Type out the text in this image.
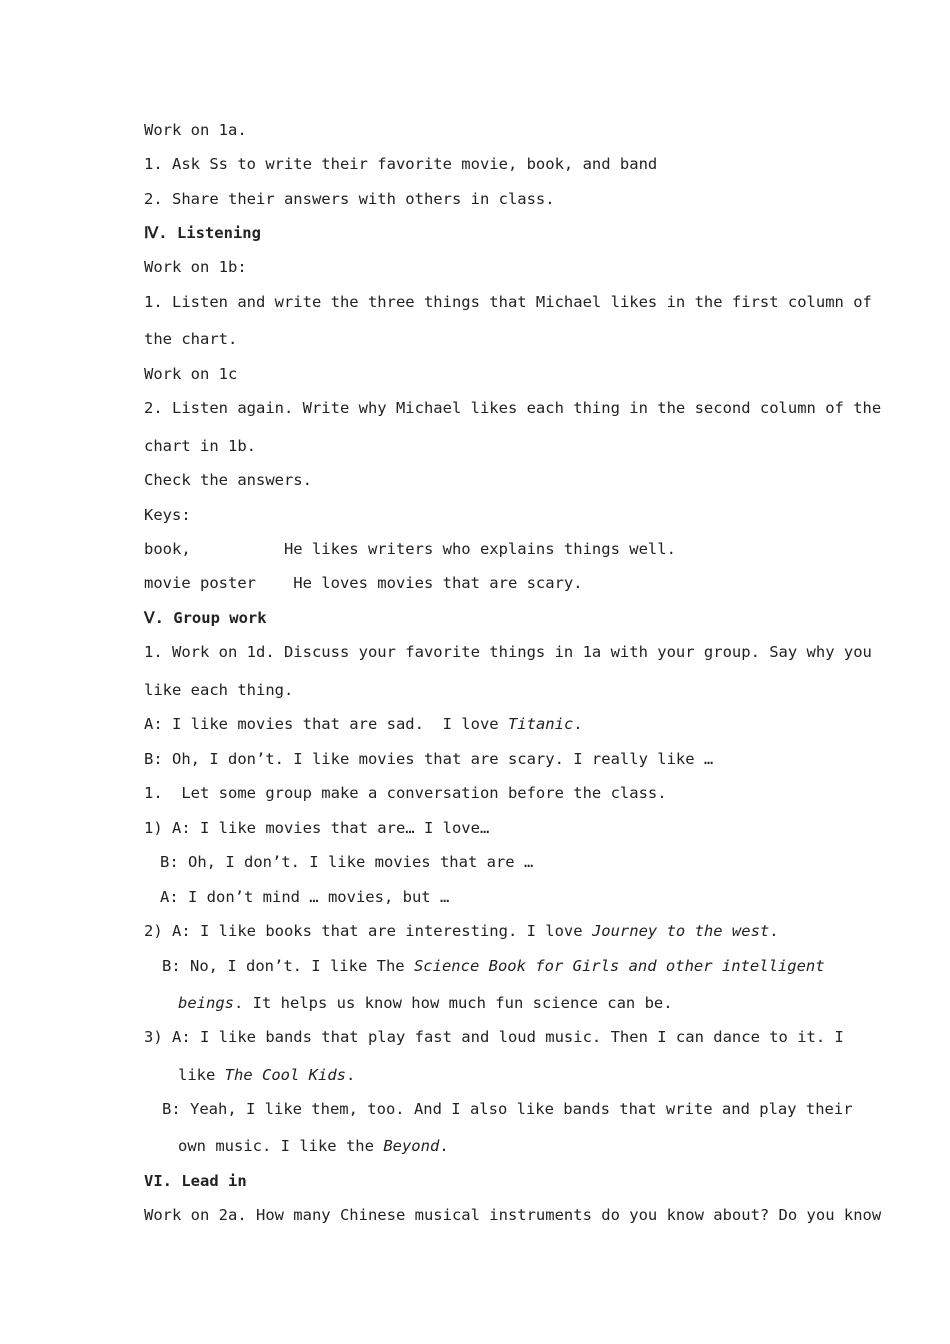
Work on 1a.
1. Ask Ss to write their favorite movie, book, and band
2. Share their answers with others in class.
Ⅳ. Listening
Work on 1b:
1. Listen and write the three things that Michael likes in the first column of
the chart.
Work on 1c
2. Listen again. Write why Michael likes each thing in the second column of the
chart in 1b.
Check the answers.
Keys:
book,          He likes writers who explains things well.
movie poster    He loves movies that are scary.
Ⅴ. Group work
1. Work on 1d. Discuss your favorite things in 1a with your group. Say why you
like each thing.
A: I like movies that are sad.  I love Titanic.
B: Oh, I don’t. I like movies that are scary. I really like …
1.  Let some group make a conversation before the class.
1) A: I like movies that are… I love…
B: Oh, I don’t. I like movies that are …
A: I don’t mind … movies, but …
2) A: I like books that are interesting. I love Journey to the west.
B: No, I don’t. I like The Science Book for Girls and other intelligent
beings. It helps us know how much fun science can be.
3) A: I like bands that play fast and loud music. Then I can dance to it. I
like The Cool Kids.
B: Yeah, I like them, too. And I also like bands that write and play their
own music. I like the Beyond.
VI. Lead in
Work on 2a. How many Chinese musical instruments do you know about? Do you know
